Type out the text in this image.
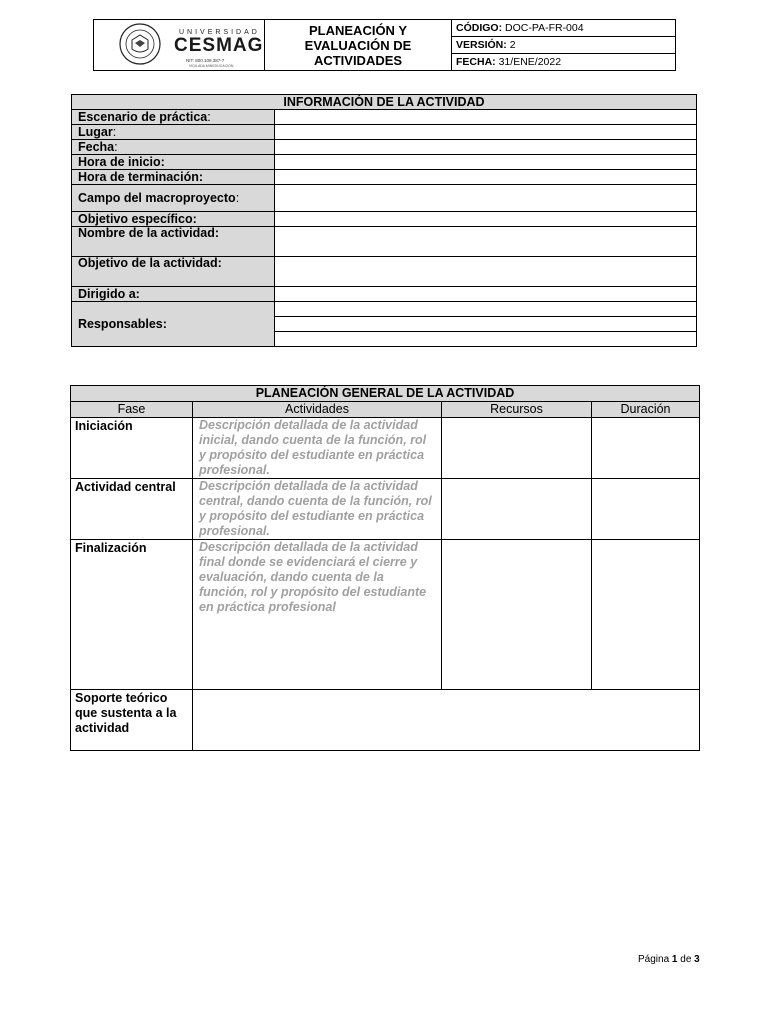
UNIVERSIDAD
CESMAG
NIT: 800.109.387-7
VIGILADA MINEDUCACIÓN
	PLANEACIÓN Y EVALUACIÓN DE ACTIVIDADES	CÓDIGO: DOC-PA-FR-004
VERSIÓN: 2
FECHA: 31/ENE/2022
INFORMACIÓN DE LA ACTIVIDAD	
Escenario de práctica:	
Lugar:	
Fecha:	
Hora de inicio:	
Hora de terminación:	
Campo del macroproyecto:	
Objetivo específico:	
Nombre de la actividad:	
Objetivo de la actividad:	
Dirigido a:	
Responsables:	

PLANEACIÓN GENERAL DE LA ACTIVIDAD			
Fase	Actividades	Recursos	Duración
Iniciación	Descripción detallada de la actividad inicial, dando cuenta de la función, rol y propósito del estudiante en práctica profesional.		
Actividad central	Descripción detallada de la actividad central, dando cuenta de la función, rol y propósito del estudiante en práctica profesional.		
Finalización	Descripción detallada de la actividad final donde se evidenciará el cierre y evaluación, dando cuenta de la función, rol y propósito del estudiante en práctica profesional		
Soporte teórico que sustenta a la actividad			
Página 1 de 3
